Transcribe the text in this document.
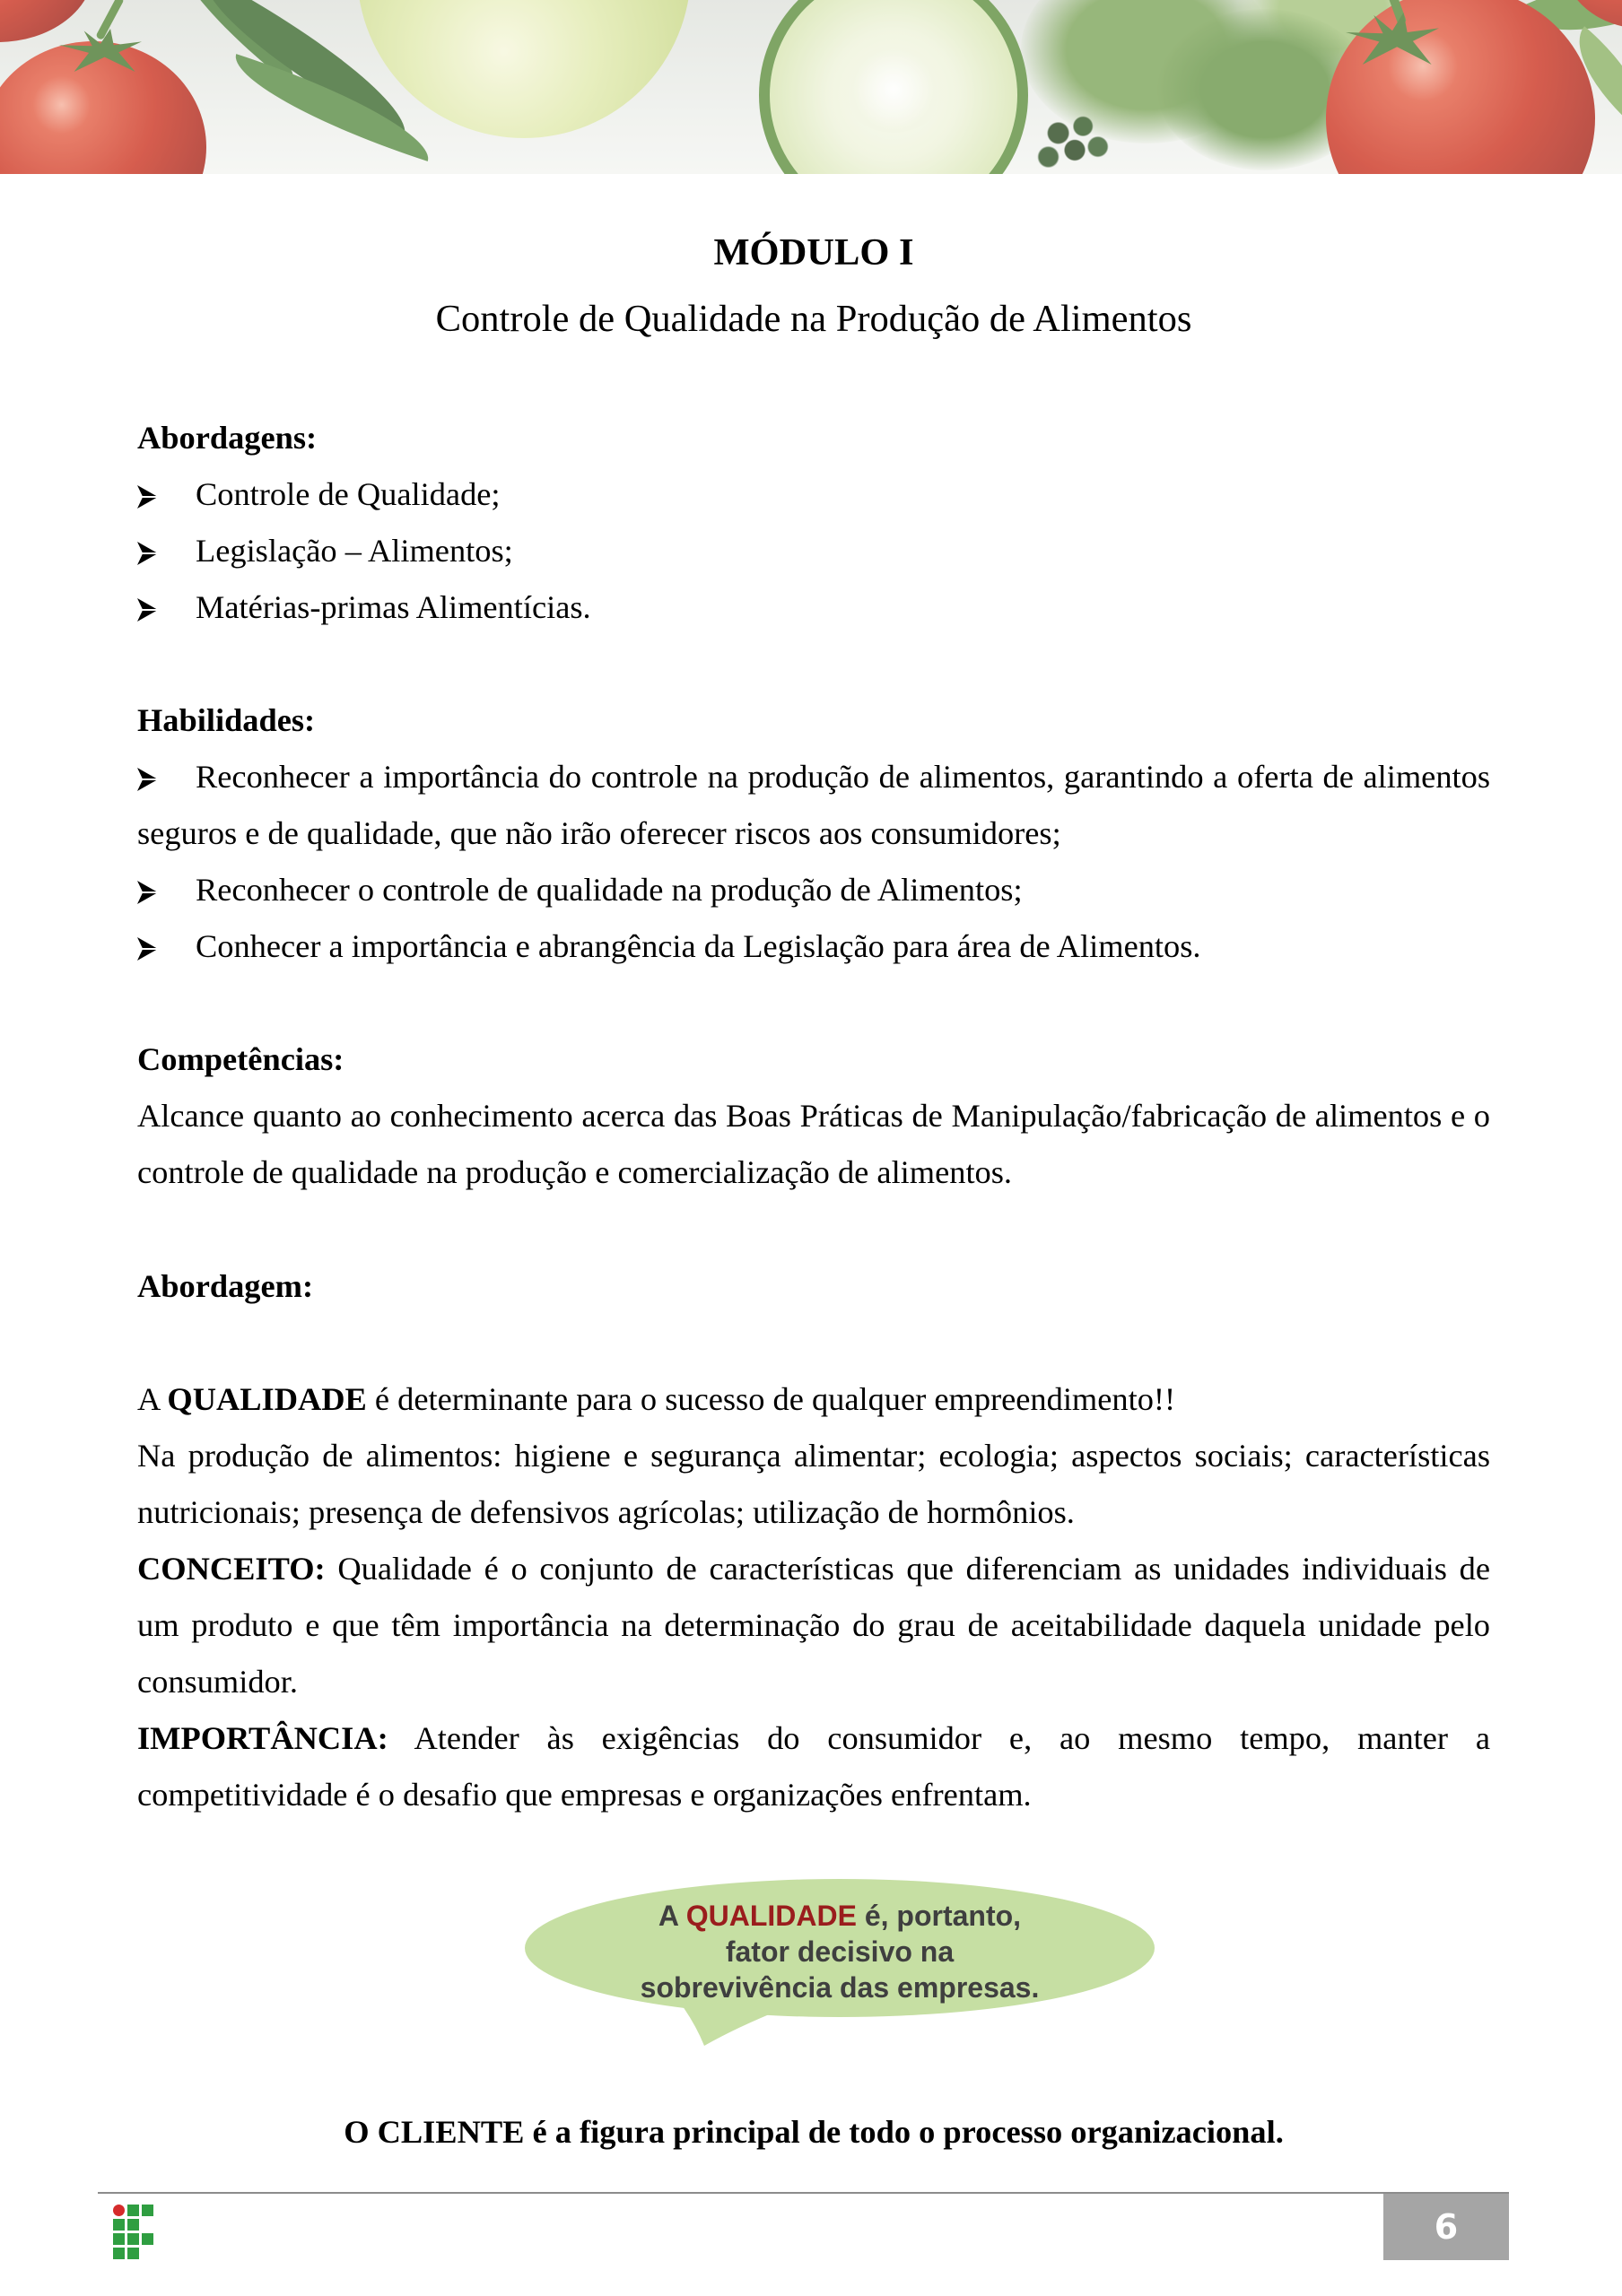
MÓDULO I
Controle de Qualidade na Produção de Alimentos
Abordagens:

Controle de Qualidade;

Legislação – Alimentos;

Matérias-primas Alimentícias.

Habilidades:

Reconhecer a importância do controle na produção de alimentos, garantindo a oferta de alimentos seguros e de qualidade, que não irão oferecer riscos aos consumidores;

Reconhecer o controle de qualidade na produção de Alimentos;

Conhecer a importância e abrangência da Legislação para área de Alimentos.

Competências:

Alcance quanto ao conhecimento acerca das Boas Práticas de Manipulação/fabricação de alimentos e o controle de qualidade na produção e comercialização de alimentos.

Abordagem:

A QUALIDADE é determinante para o sucesso de qualquer empreendimento!!

Na produção de alimentos: higiene e segurança alimentar; ecologia; aspectos sociais; características nutricionais; presença de defensivos agrícolas; utilização de hormônios.

CONCEITO: Qualidade é o conjunto de características que diferenciam as unidades individuais de um produto e que têm importância na determinação do grau de aceitabilidade daquela unidade pelo consumidor.

IMPORTÂNCIA: Atender às exigências do consumidor e, ao mesmo tempo, manter a competitividade é o desafio que empresas e organizações enfrentam.

A QUALIDADE é, portanto,
fator decisivo na
sobrevivência das empresas.
O CLIENTE é a figura principal de todo o processo organizacional.
6
